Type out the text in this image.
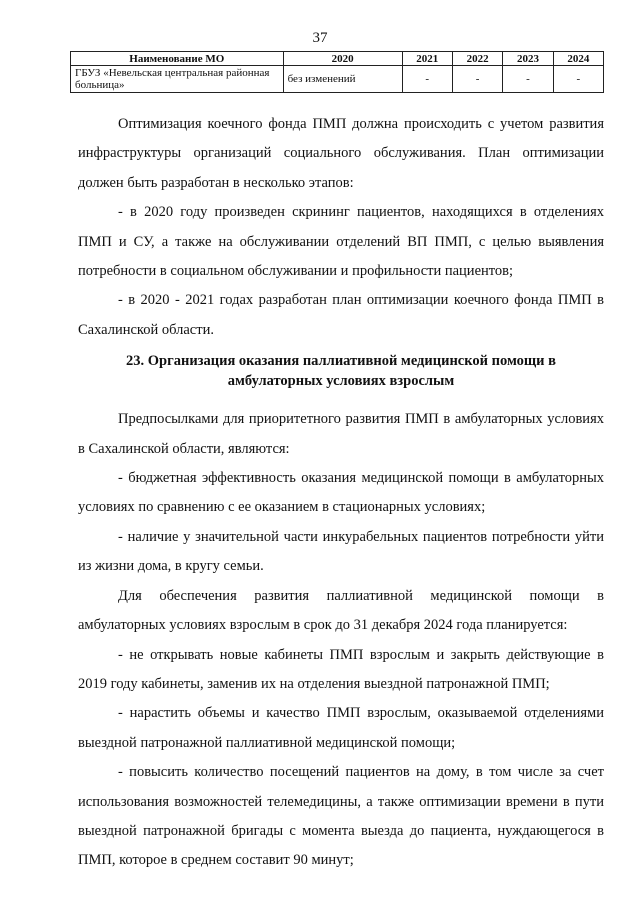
37
Наименование МО	2020	2021	2022	2023	2024
ГБУЗ «Невельская центральная районная больница»	без изменений	-	-	-	-

Оптимизация коечного фонда ПМП должна происходить с учетом развития инфраструктуры организаций социального обслуживания. План оптимизации должен быть разработан в несколько этапов:

- в 2020 году произведен скрининг пациентов, находящихся в отделениях ПМП и СУ, а также на обслуживании отделений ВП ПМП, с целью выявления потребности в социальном обслуживании и профильности пациентов;

- в 2020 - 2021 годах разработан план оптимизации коечного фонда ПМП в Сахалинской области.

23. Организация оказания паллиативной медицинской помощи в
амбулаторных условиях взрослым

Предпосылками для приоритетного развития ПМП в амбулаторных условиях в Сахалинской области, являются:

- бюджетная эффективность оказания медицинской помощи в амбулаторных условиях по сравнению с ее оказанием в стационарных условиях;

- наличие у значительной части инкурабельных пациентов потребности уйти из жизни дома, в кругу семьи.

Для обеспечения развития паллиативной медицинской помощи в амбулаторных условиях взрослым в срок до 31 декабря 2024 года планируется:

- не открывать новые кабинеты ПМП взрослым и закрыть действующие в 2019 году кабинеты, заменив их на отделения выездной патронажной ПМП;

- нарастить объемы и качество ПМП взрослым, оказываемой отделениями выездной патронажной паллиативной медицинской помощи;

- повысить количество посещений пациентов на дому, в том числе за счет использования возможностей телемедицины, а также оптимизации времени в пути выездной патронажной бригады с момента выезда до пациента, нуждающегося в ПМП, которое в среднем составит 90 минут;
